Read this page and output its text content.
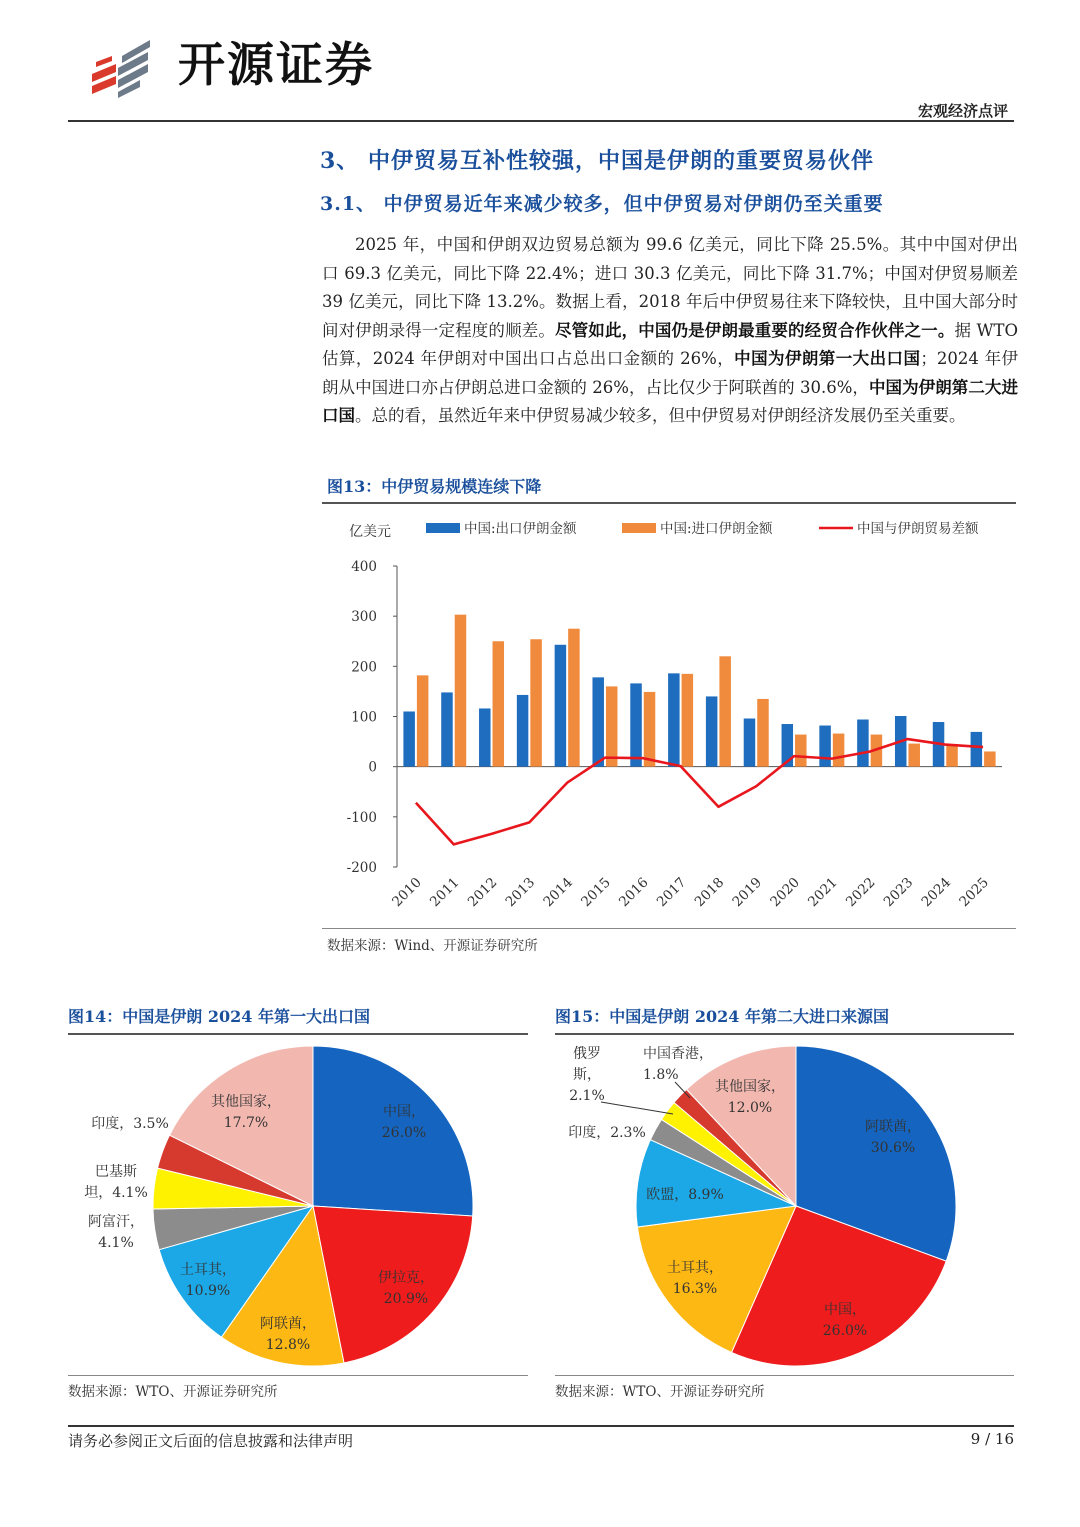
开源证券
宏观经济点评
3、 中伊贸易互补性较强，中国是伊朗的重要贸易伙伴
3.1、 中伊贸易近年来减少较多，但中伊贸易对伊朗仍至关重要

2025 年，中国和伊朗双边贸易总额为 99.6 亿美元，同比下降 25.5%。其中中国对伊出口 69.3 亿美元，同比下降 22.4%；进口 30.3 亿美元，同比下降 31.7%；中国对伊贸易顺差 39 亿美元，同比下降 13.2%。数据上看，2018 年后中伊贸易往来下降较快，且中国大部分时间对伊朗录得一定程度的顺差。尽管如此，中国仍是伊朗最重要的经贸合作伙伴之一。据 WTO 估算，2024 年伊朗对中国出口占总出口金额的 26%，中国为伊朗第一大出口国；2024 年伊朗从中国进口亦占伊朗总进口金额的 26%，占比仅少于阿联酋的 30.6%，中国为伊朗第二大进口国。总的看，虽然近年来中伊贸易减少较多，但中伊贸易对伊朗经济发展仍至关重要。

图13：中伊贸易规模连续下降
亿美元	中国:出口伊朗金额	中国:进口伊朗金额	中国与伊朗贸易差额
-200
-100
0
100
200
300
400
2010 2011 2012 2013 2014 2015 2016 2017 2018 2019 2020 2021 2022 2023 2024 2025
数据来源：Wind、开源证券研究所
图14：中国是伊朗 2024 年第一大出口国
中国， 26.0%
伊拉克， 20.9%
阿联酋， 12.8%
土耳其， 10.9%
阿富汗， 4.1%
巴基斯坦，4.1%
印度，3.5%
其他国家， 17.7%
数据来源：WTO、开源证券研究所
图15：中国是伊朗 2024 年第二大进口来源国
阿联酋， 30.6%
中国， 26.0%
土耳其， 16.3%
欧盟，8.9%
印度，2.3%
俄罗斯， 2.1%
中国香港， 1.8%
其他国家， 12.0%
数据来源：WTO、开源证券研究所
请务必参阅正文后面的信息披露和法律声明	9 / 16
